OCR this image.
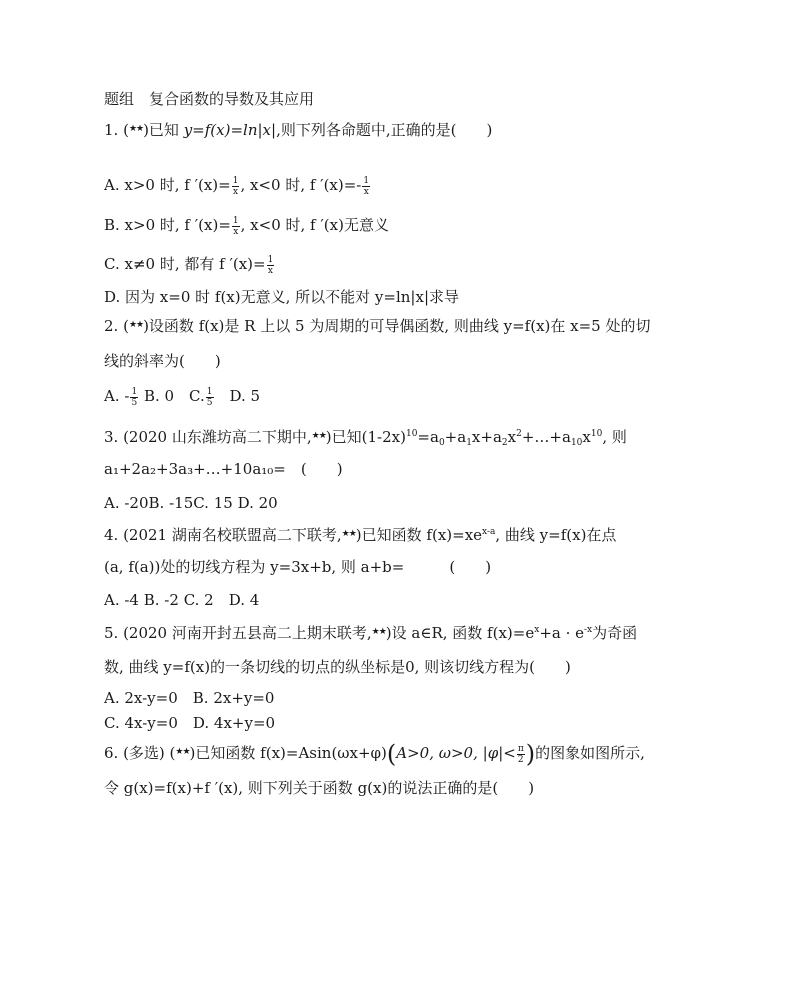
题组　复合函数的导数及其应用
1. (★★)已知 y=f(x)=ln|x|,则下列各命题中,正确的是(　　)
A. x>0 时, f $'(x)= \frac{1}{x}$ , x<0 时, f $'(x)=- \frac{1}{x}$
B. x>0 时, f $'(x)= \frac{1}{x}$ , x<0 时, f ′(x)无意义
C. x≠0 时, 都有 f $'(x)= \frac{1}{x}$
D. 因为 x=0 时 f(x)无意义, 所以不能对 y=ln|x|求导
2. (★★)设函数 f(x)是 R 上以 5 为周期的可导偶函数, 则曲线 y=f(x)在 x=5 处的切
线的斜率为(　　)
A. - $\frac{1}{5} B$. 0　C. $\frac{1}{5}$ 　D. 5
3. (2020 山东潍坊高二下期中,★★)已知$(1-2x)^{10}=a_0+a_1x+a_2x^2+\dots+a_{10}x^{10}$, 则
a₁+2a₂+3a₃+…+10a₁₀=　(　　)
A. -20B. -15C. 15 D. 20
4. (2021 湖南名校联盟高二下联考,★★)已知函数 $f(x)=xe^{x-a}$, 曲线 y=f(x)在点
(a, f(a))处的切线方程为 y=3x+b, 则 a+b=　　　(　　)
A. -4 B. -2 C. 2　D. 4
5. (2020 河南开封五县高二上期末联考,★★)设 a∈R, 函数 $f(x)=e^x+a \cdot e^{-x}$为奇函
数, 曲线 y=f(x)的一条切线的切点的纵坐标是0, 则该切线方程为(　　)
A. 2x-y=0　B. 2x+y=0
C. 4x-y=0　D. 4x+y=0
6. (多选) (★★)已知函数 f(x)=Asin(ωx+φ)(A>0, ω>0, $|\varphi|< \frac{\pi}{2}$ )的图象如图所示,
令 g(x)=f(x)+f ′(x), 则下列关于函数 g(x)的说法正确的是(　　)
